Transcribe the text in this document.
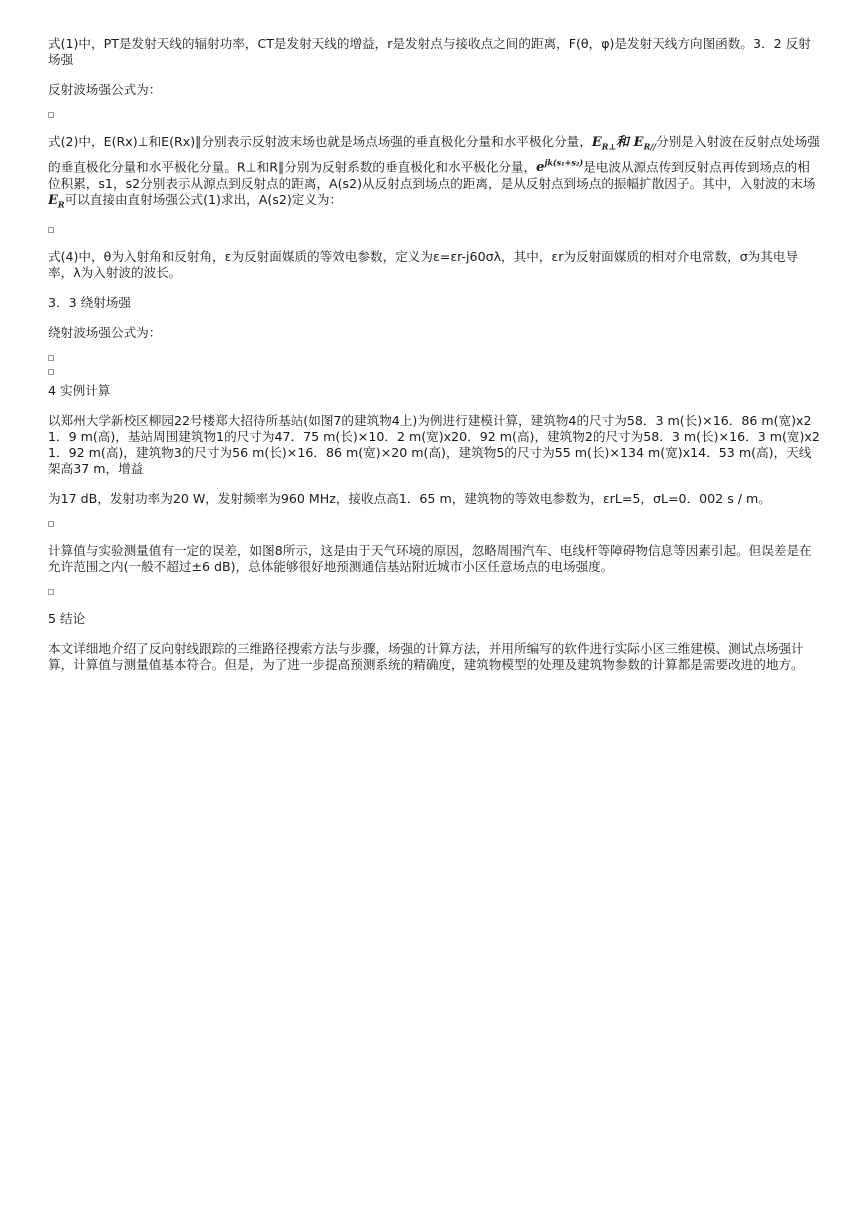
式(1)中，PT是发射天线的辐射功率，CT是发射天线的增益，r是发射点与接收点之间的距离，F(θ，φ)是发射天线方向图函数。3．2 反射场强

反射波场强公式为：

式(2)中，E(Rx)⊥和E(Rx)∥分别表示反射波末场也就是场点场强的垂直极化分量和水平极化分量，$E_{R\perp}$和 $E_{R//}$分别是入射波在反射点处场强的垂直极化分量和水平极化分量。R⊥和R∥分别为反射系数的垂直极化和水平极化分量，$e^{jk(s_1+s_2)}$是电波从源点传到反射点再传到场点的相位积累，s1，s2分别表示从源点到反射点的距离，A(s2)从反射点到场点的距离，是从反射点到场点的振幅扩散因子。其中，入射波的末场$E_R$可以直接由直射场强公式(1)求出，A(s2)定义为：

式(4)中，θ为入射角和反射角，ε为反射面媒质的等效电参数，定义为ε=εr-j60σλ，其中，εr为反射面媒质的相对介电常数，σ为其电导率，λ为入射波的波长。

3．3 绕射场强

绕射波场强公式为：

4 实例计算

以郑州大学新校区柳园22号楼郑大招待所基站(如图7的建筑物4上)为例进行建模计算，建筑物4的尺寸为58．3 m(长)×16．86 m(宽)x21．9 m(高)，基站周围建筑物1的尺寸为47．75 m(长)×10．2 m(宽)x20．92 m(高)，建筑物2的尺寸为58．3 m(长)×16．3 m(宽)x21．92 m(高)，建筑物3的尺寸为56 m(长)×16．86 m(宽)×20 m(高)，建筑物5的尺寸为55 m(长)×134 m(宽)x14．53 m(高)，天线架高37 m，增益

为17 dB，发射功率为20 W，发射频率为960 MHz，接收点高1．65 m，建筑物的等效电参数为，εrL=5，σL=0．002 s / m。

计算值与实验测量值有一定的误差，如图8所示，这是由于天气环境的原因，忽略周围汽车、电线杆等障碍物信息等因素引起。但误差是在允许范围之内(一般不超过±6 dB)，总体能够很好地预测通信基站附近城市小区任意场点的电场强度。

5 结论

本文详细地介绍了反向射线跟踪的三维路径搜索方法与步骤，场强的计算方法，并用所编写的软件进行实际小区三维建模、测试点场强计算，计算值与测量值基本符合。但是，为了进一步提高预测系统的精确度，建筑物模型的处理及建筑物参数的计算都是需要改进的地方。
